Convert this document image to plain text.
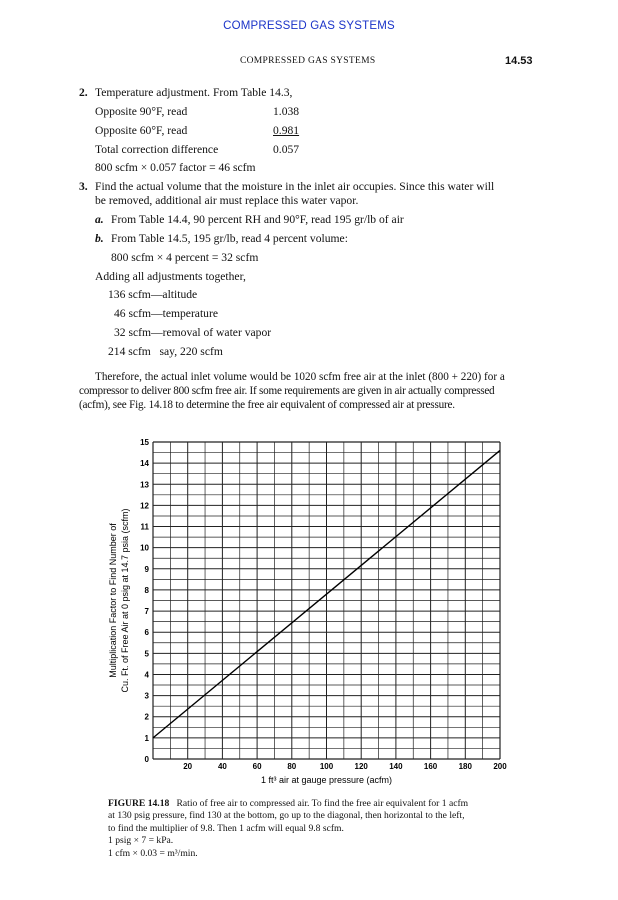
COMPRESSED GAS SYSTEMS
COMPRESSED GAS SYSTEMS	14.53
2. Temperature adjustment. From Table 14.3,
Opposite 90°F, read	1.038
Opposite 60°F, read	0.981
Total correction difference	0.057
800 scfm × 0.057 factor = 46 scfm
3. Find the actual volume that the moisture in the inlet air occupies. Since this water will
be removed, additional air must replace this water vapor.
a. From Table 14.4, 90 percent RH and 90°F, read 195 gr/lb of air
b. From Table 14.5, 195 gr/lb, read 4 percent volume:
800 scfm × 4 percent = 32 scfm
Adding all adjustments together,
136 scfm—altitude
46 scfm—temperature
32 scfm—removal of water vapor
214 scfm   say, 220 scfm
Therefore, the actual inlet volume would be 1020 scfm free air at the inlet (800 + 220) for a
compressor to deliver 800 scfm free air. If some requirements are given in air actually compressed
(acfm), see Fig. 14.18 to determine the free air equivalent of compressed air at pressure.
20	40	60	80	100	120	140	160	180	200
0
1
2
3
4
5
6
7
8
9
10
11
12
13
14
15
1 ft³ air at gauge pressure (acfm)
Multiplication Factor to Find Number of Cu. Ft. of Free Air at 0 psig at 14.7 psia (scfm)
FIGURE 14.18 Ratio of free air to compressed air. To find the free air equivalent for 1 acfm
at 130 psig pressure, find 130 at the bottom, go up to the diagonal, then horizontal to the left,
to find the multiplier of 9.8. Then 1 acfm will equal 9.8 scfm.
1 psig × 7 = kPa.
1 cfm × 0.03 = m³/min.
